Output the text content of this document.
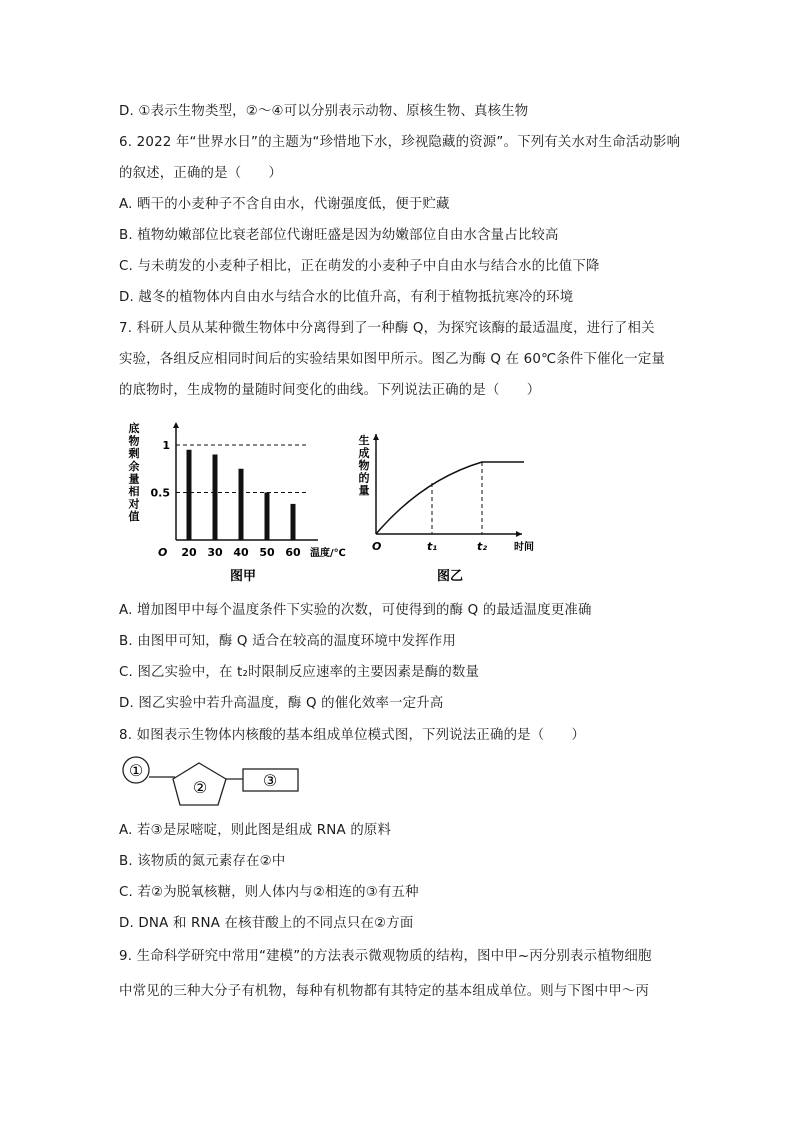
D. ①表示生物类型，②～④可以分别表示动物、原核生物、真核生物
6. 2022 年“世界水日”的主题为“珍惜地下水，珍视隐藏的资源”。下列有关水对生命活动影响
的叙述，正确的是（　　）
A. 晒干的小麦种子不含自由水，代谢强度低，便于贮藏
B. 植物幼嫩部位比衰老部位代谢旺盛是因为幼嫩部位自由水含量占比较高
C. 与未萌发的小麦种子相比，正在萌发的小麦种子中自由水与结合水的比值下降
D. 越冬的植物体内自由水与结合水的比值升高，有利于植物抵抗寒冷的环境
7. 科研人员从某种微生物体中分离得到了一种酶 Q，为探究该酶的最适温度，进行了相关
实验，各组反应相同时间后的实验结果如图甲所示。图乙为酶 Q 在 60℃条件下催化一定量
的底物时，生成物的量随时间变化的曲线。下列说法正确的是（　　）
底
物
剩
余
量
相
对
值
1
0.5
O 20 30 40 50 60 温度/℃
图甲
生
成
物
的
量
O	t₁	t₂	时间
图乙
A. 增加图甲中每个温度条件下实验的次数，可使得到的酶 Q 的最适温度更准确
B. 由图甲可知，酶 Q 适合在较高的温度环境中发挥作用
C. 图乙实验中，在 t₂时限制反应速率的主要因素是酶的数量
D. 图乙实验中若升高温度，酶 Q 的催化效率一定升高
8. 如图表示生物体内核酸的基本组成单位模式图，下列说法正确的是（　　）
①
②	③
A. 若③是尿嘧啶，则此图是组成 RNA 的原料
B. 该物质的氮元素存在②中
C. 若②为脱氧核糖，则人体内与②相连的③有五种
D. DNA 和 RNA 在核苷酸上的不同点只在②方面
9. 生命科学研究中常用“建模”的方法表示微观物质的结构，图中甲~丙分别表示植物细胞
中常见的三种大分子有机物，每种有机物都有其特定的基本组成单位。则与下图中甲～丙
